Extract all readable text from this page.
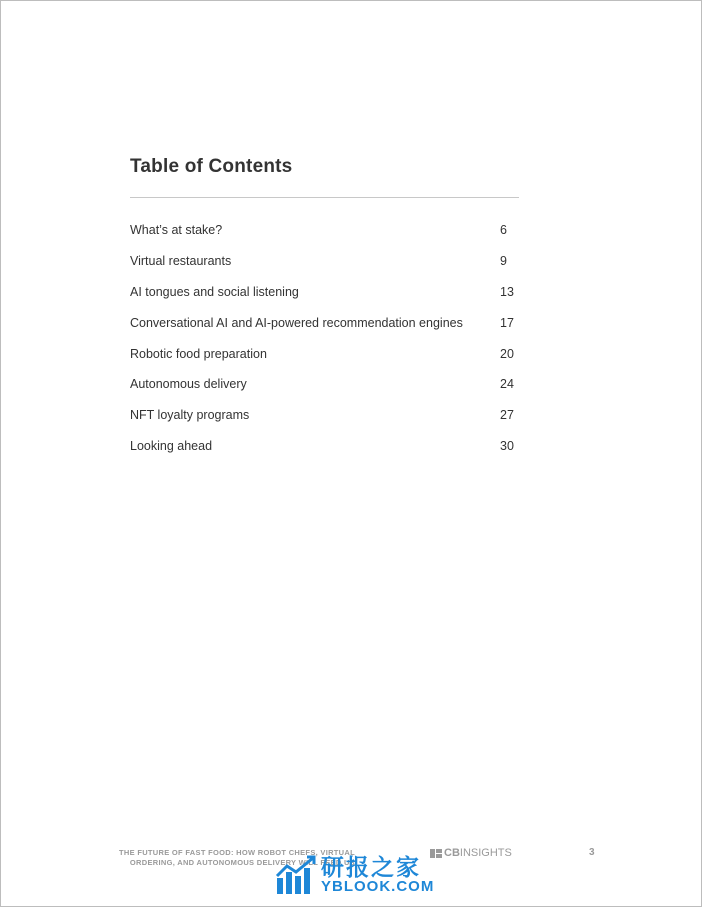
Table of Contents
What’s at stake?	6
Virtual restaurants	9
AI tongues and social listening	13
Conversational AI and AI-powered recommendation engines	17
Robotic food preparation	20
Autonomous delivery	24
NFT loyalty programs	27
Looking ahead	30
THE FUTURE OF FAST FOOD: HOW ROBOT CHEFS, VIRTUAL
ORDERING, AND AUTONOMOUS DELIVERY WILL FEED US
CB INSIGHTS	3
研报之家
YBLOOK.COM
